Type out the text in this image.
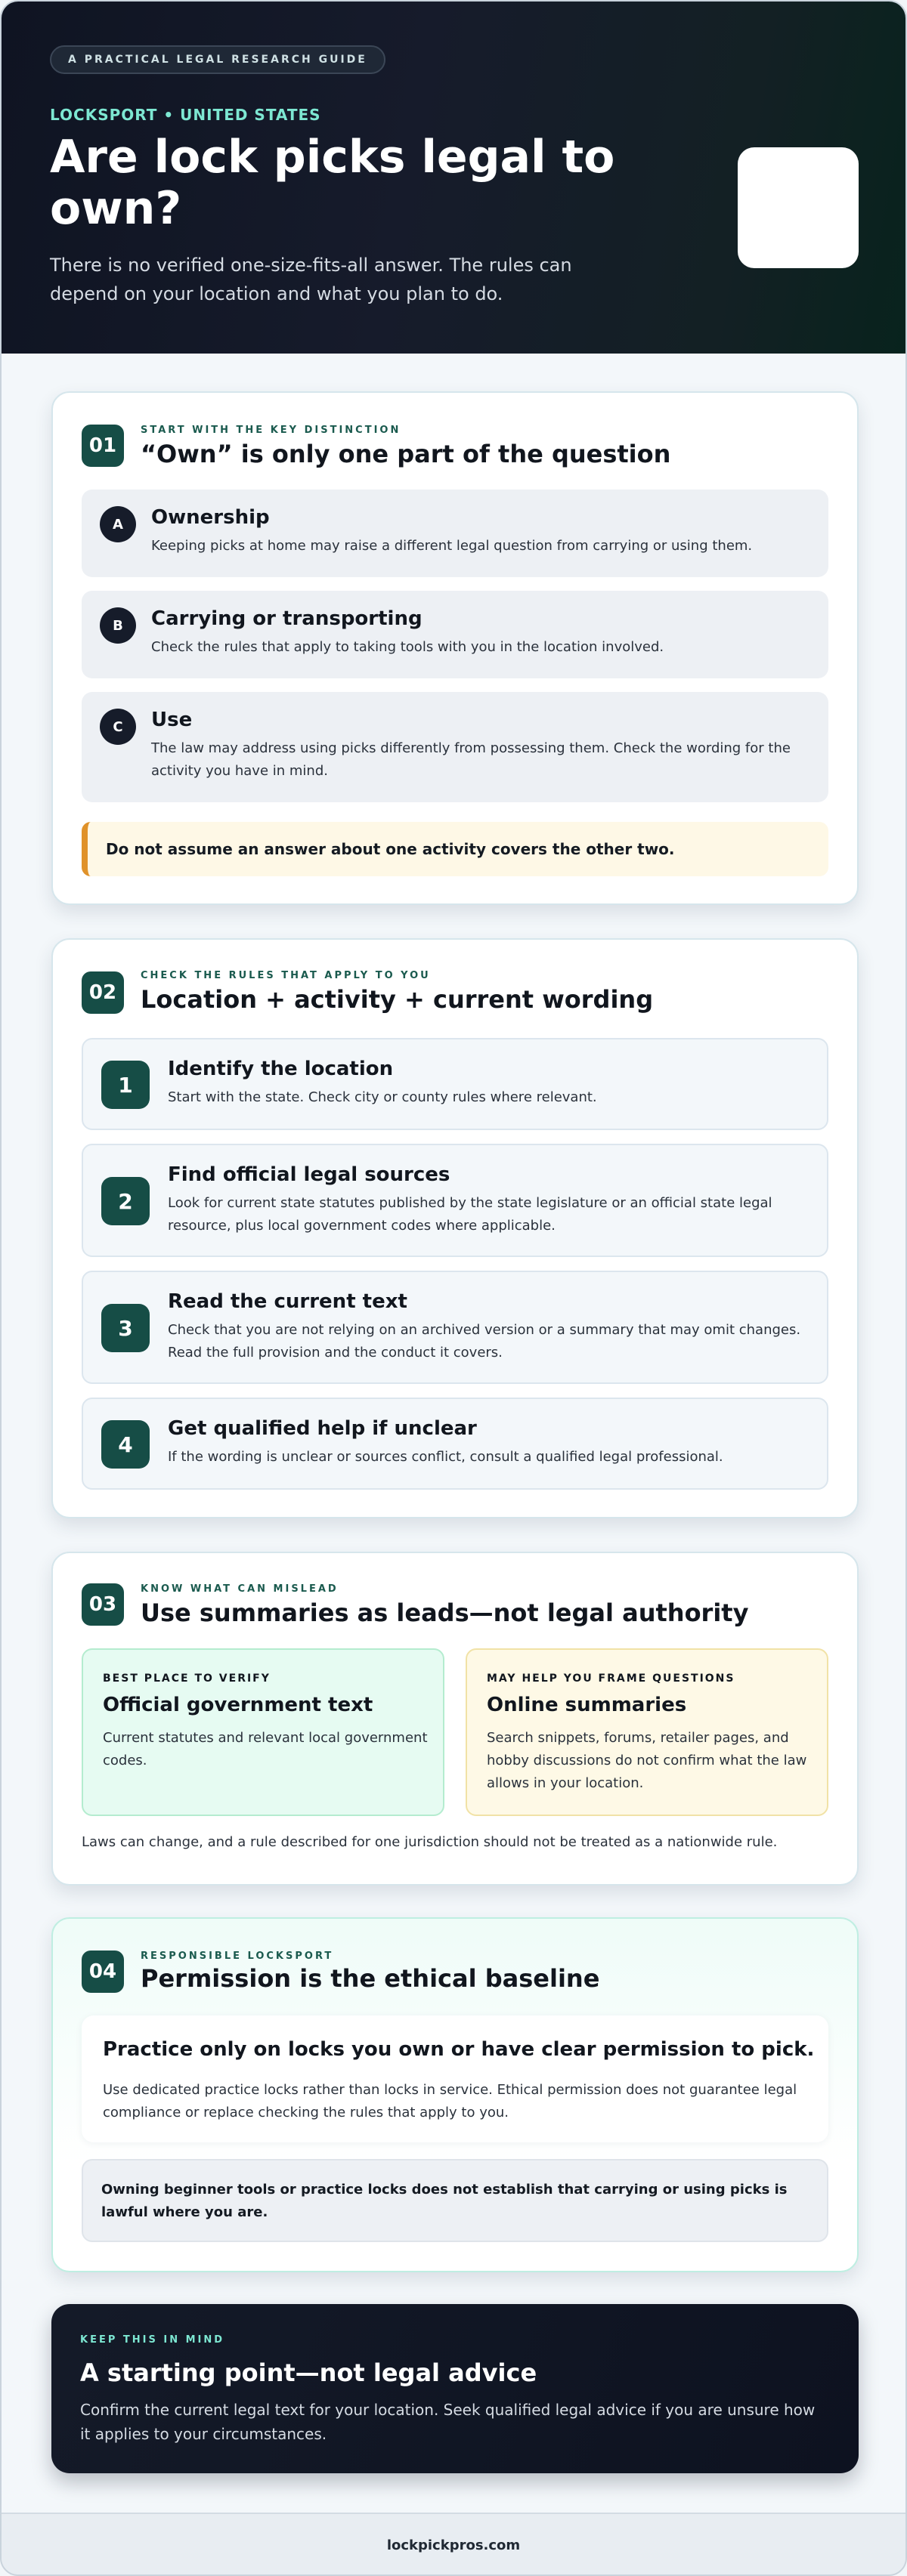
A PRACTICAL LEGAL RESEARCH GUIDE
LOCKSPORT • UNITED STATES
Are lock picks legal to own?

There is no verified one-size-fits-all answer. The rules can depend on your location and what you plan to do.

01
START WITH THE KEY DISTINCTION
“Own” is only one part of the question
A	Ownership
Keeping picks at home may raise a different legal question from carrying or using them.
B	Carrying or transporting
Check the rules that apply to taking tools with you in the location involved.
C	Use
The law may address using picks differently from possessing them. Check the wording for the activity you have in mind.
Do not assume an answer about one activity covers the other two.
02
CHECK THE RULES THAT APPLY TO YOU
Location + activity + current wording
1
Identify the location
Start with the state. Check city or county rules where relevant.
2
Find official legal sources
Look for current state statutes published by the state legislature or an official state legal resource, plus local government codes where applicable.
3
Read the current text
Check that you are not relying on an archived version or a summary that may omit changes. Read the full provision and the conduct it covers.
4
Get qualified help if unclear
If the wording is unclear or sources conflict, consult a qualified legal professional.
03
KNOW WHAT CAN MISLEAD
Use summaries as leads—not legal authority
BEST PLACE TO VERIFY
Official government text
Current statutes and relevant local government codes.
MAY HELP YOU FRAME QUESTIONS
Online summaries
Search snippets, forums, retailer pages, and hobby discussions do not confirm what the law allows in your location.
Laws can change, and a rule described for one jurisdiction should not be treated as a nationwide rule.
04
RESPONSIBLE LOCKSPORT
Permission is the ethical baseline
Practice only on locks you own or have clear permission to pick.
Use dedicated practice locks rather than locks in service. Ethical permission does not guarantee legal compliance or replace checking the rules that apply to you.
Owning beginner tools or practice locks does not establish that carrying or using picks is lawful where you are.
KEEP THIS IN MIND
A starting point—not legal advice

Confirm the current legal text for your location. Seek qualified legal advice if you are unsure how it applies to your circumstances.

lockpickpros.com
